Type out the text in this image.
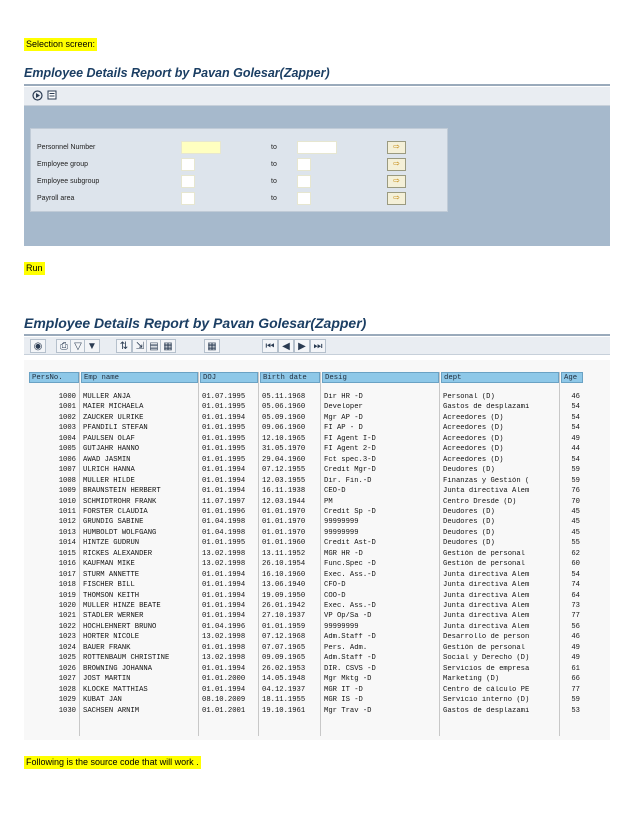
Selection screen:
Employee Details Report by Pavan Golesar(Zapper)
Personnel Number	to	⇨
Employee group	to	⇨
Employee subgroup	to	⇨
Payroll area	to	⇨
Run
Employee Details Report by Pavan Golesar(Zapper)
◉	⎙ ▽ ▼	⇅ ⇲ ▤ ▦	▦	⏮ ◀ ▶ ⏭
PersNo.	Emp name	DOJ	Birth date	Desig	dept	Age
1000 MULLER ANJA	01.07.1995	05.11.1968	Dir HR -D	Personal (D)	46
1001 MAIER MICHAELA	01.01.1995	05.06.1960	Developer	Gastos de desplazami	54
1002 ZAUCKER ULRIKE	01.01.1994	05.09.1960	Mgr AP -D	Acreedores (D)	54
1003 PFANDILI STEFAN	01.01.1995	09.06.1960	FI AP - D	Acreedores (D)	54
1004 PAULSEN OLAF	01.01.1995	12.10.1965	FI Agent I-D	Acreedores (D)	49
1005 GUTJAHR HANNO	01.01.1995	31.05.1970	FI Agent 2-D	Acreedores (D)	44
1006 AWAD JASMIN	01.01.1995	29.04.1960	Fct spec.3-D	Acreedores (D)	54
1007 ULRICH HANNA	01.01.1994	07.12.1955	Credit Mgr-D	Deudores (D)	59
1008 MULLER HILDE	01.01.1994	12.03.1955	Dir. Fin.-D	Finanzas y Gestión (	59
1009 BRAUNSTEIN HERBERT	01.01.1994	16.11.1938	CEO-D	Junta directiva Alem	76
1010 SCHMIDTROHR FRANK	11.07.1997	12.03.1944	PM	Centro Dresde (D)	70
1011 FORSTER CLAUDIA	01.01.1996	01.01.1970	Credit Sp -D	Deudores (D)	45
1012 GRUNDIG SABINE	01.04.1998	01.01.1970	99999999	Deudores (D)	45
1013 HUMBOLDT WOLFGANG	01.04.1998	01.01.1970	99999999	Deudores (D)	45
1014 HINTZE GUDRUN	01.01.1995	01.01.1960	Credit Ast-D	Deudores (D)	55
1015 RICKES ALEXANDER	13.02.1998	13.11.1952	MGR HR -D	Gestión de personal	62
1016 KAUFMAN MIKE	13.02.1998	26.10.1954	Func.Spec -D	Gestión de personal	60
1017 STURM ANNETTE	01.01.1994	16.10.1960	Exec. Ass.-D	Junta directiva Alem	54
1018 FISCHER BILL	01.01.1994	13.06.1940	CFO-D	Junta directiva Alem	74
1019 THOMSON KEITH	01.01.1994	19.09.1950	COO-D	Junta directiva Alem	64
1020 MULLER HINZE BEATE	01.01.1994	26.01.1942	Exec. Ass.-D	Junta directiva Alem	73
1021 STADLER WERNER	01.01.1994	27.10.1937	VP Op/Sa -D	Junta directiva Alem	77
1022 HOCHLEHNERT BRUNO	01.04.1996	01.01.1959	99999999	Junta directiva Alem	56
1023 HORTER NICOLE	13.02.1998	07.12.1968	Adm.Staff -D	Desarrollo de person	46
1024 BAUER FRANK	01.01.1998	07.07.1965	Pers. Adm.	Gestión de personal	49
1025 ROTTENBAUM CHRISTINE	13.02.1998	09.09.1965	Adm.Staff -D	Social y Derecho (D)	49
1026 BROWNING JOHANNA	01.01.1994	26.02.1953	DIR. CSVS -D	Servicios de empresa	61
1027 JOST MARTIN	01.01.2000	14.05.1948	Mgr Mktg -D	Marketing (D)	66
1028 KLOCKE MATTHIAS	01.01.1994	04.12.1937	MGR IT -D	Centro de cálculo PE	77
1029 KUBAT JAN	08.10.2009	18.11.1955	MGR IS -D	Servicio interno (D)	59
1030 SACHSEN ARNIM	01.01.2001	19.10.1961	Mgr Trav -D	Gastos de desplazami	53
Following is the source code that will work .
